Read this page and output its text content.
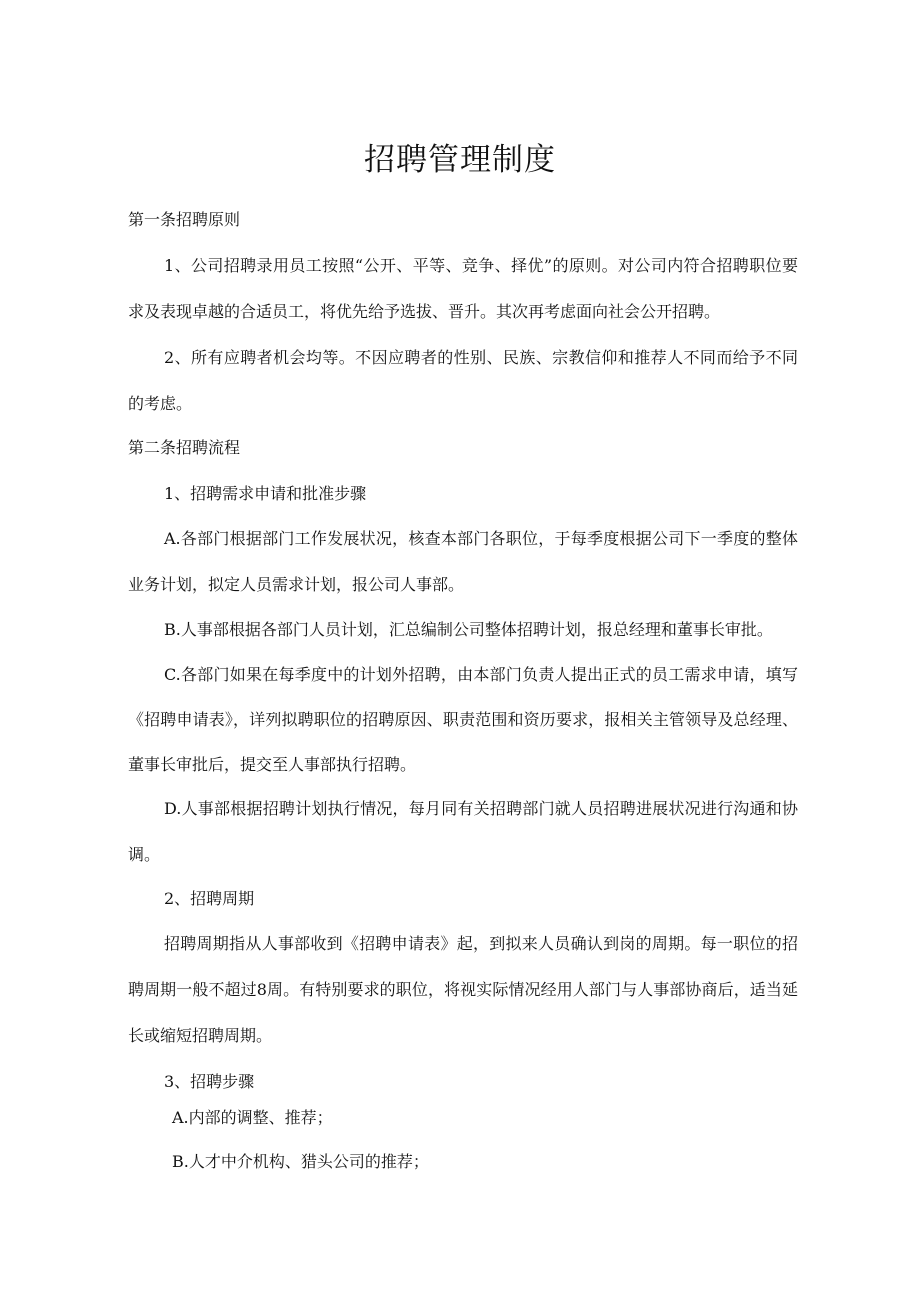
招聘管理制度
第一条招聘原则
1、公司招聘录用员工按照“公开、平等、竞争、择优”的原则。对公司内符合招聘职位要求及表现卓越的合适员工，将优先给予选拔、晋升。其次再考虑面向社会公开招聘。
2、所有应聘者机会均等。不因应聘者的性别、民族、宗教信仰和推荐人不同而给予不同的考虑。
第二条招聘流程
1、招聘需求申请和批准步骤
A.各部门根据部门工作发展状况，核查本部门各职位，于每季度根据公司下一季度的整体业务计划，拟定人员需求计划，报公司人事部。
B.人事部根据各部门人员计划，汇总编制公司整体招聘计划，报总经理和董事长审批。
C.各部门如果在每季度中的计划外招聘，由本部门负责人提出正式的员工需求申请，填写《招聘申请表》，详列拟聘职位的招聘原因、职责范围和资历要求，报相关主管领导及总经理、董事长审批后，提交至人事部执行招聘。
D.人事部根据招聘计划执行情况，每月同有关招聘部门就人员招聘进展状况进行沟通和协调。
2、招聘周期
招聘周期指从人事部收到《招聘申请表》起，到拟来人员确认到岗的周期。每一职位的招聘周期一般不超过8周。有特别要求的职位，将视实际情况经用人部门与人事部协商后，适当延长或缩短招聘周期。
3、招聘步骤
A.内部的调整、推荐；
B.人才中介机构、猎头公司的推荐；
